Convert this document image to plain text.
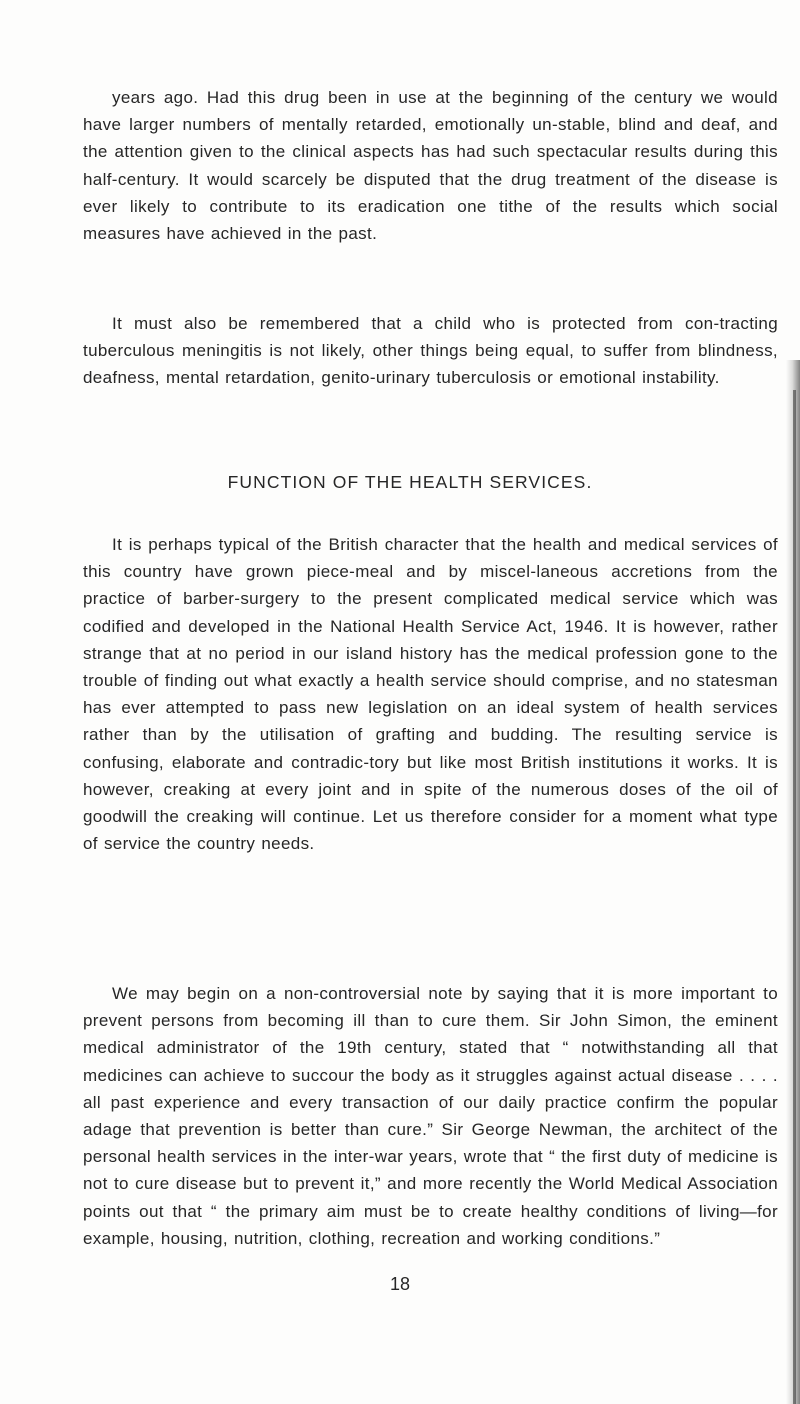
years ago. Had this drug been in use at the beginning of the century we would have larger numbers of mentally retarded, emotionally un-stable, blind and deaf, and the attention given to the clinical aspects has had such spectacular results during this half-century. It would scarcely be disputed that the drug treatment of the disease is ever likely to contribute to its eradication one tithe of the results which social measures have achieved in the past.
It must also be remembered that a child who is protected from con-tracting tuberculous meningitis is not likely, other things being equal, to suffer from blindness, deafness, mental retardation, genito-urinary tuberculosis or emotional instability.
FUNCTION OF THE HEALTH SERVICES.
It is perhaps typical of the British character that the health and medical services of this country have grown piece-meal and by miscel-laneous accretions from the practice of barber-surgery to the present complicated medical service which was codified and developed in the National Health Service Act, 1946. It is however, rather strange that at no period in our island history has the medical profession gone to the trouble of finding out what exactly a health service should comprise, and no statesman has ever attempted to pass new legislation on an ideal system of health services rather than by the utilisation of grafting and budding. The resulting service is confusing, elaborate and contradic-tory but like most British institutions it works. It is however, creaking at every joint and in spite of the numerous doses of the oil of goodwill the creaking will continue. Let us therefore consider for a moment what type of service the country needs.
We may begin on a non-controversial note by saying that it is more important to prevent persons from becoming ill than to cure them. Sir John Simon, the eminent medical administrator of the 19th century, stated that “ notwithstanding all that medicines can achieve to succour the body as it struggles against actual disease . . . . all past experience and every transaction of our daily practice confirm the popular adage that prevention is better than cure.” Sir George Newman, the architect of the personal health services in the inter-war years, wrote that “ the first duty of medicine is not to cure disease but to prevent it,” and more recently the World Medical Association points out that “ the primary aim must be to create healthy conditions of living—for example, housing, nutrition, clothing, recreation and working conditions.”
18
